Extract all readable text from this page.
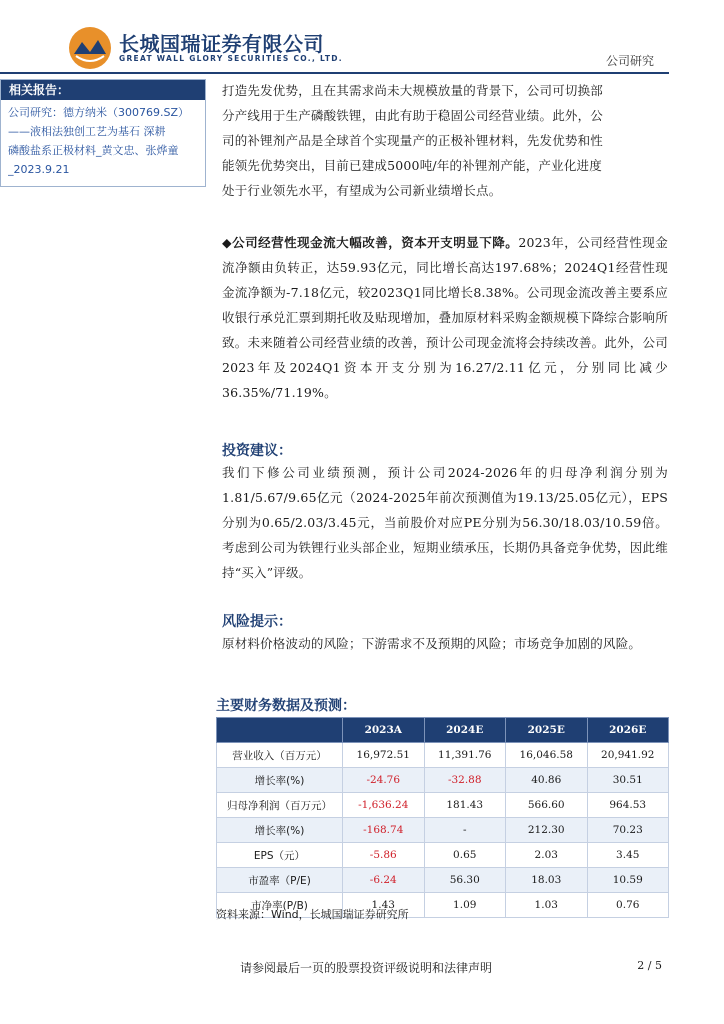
长城国瑞证券有限公司
GREAT WALL GLORY SECURITIES CO., LTD.	公司研究
相关报告：
公司研究：德方纳米（300769.SZ）
——液相法独创工艺为基石 深耕
磷酸盐系正极材料_黄文忠、张烨童
_2023.9.21
打造先发优势，且在其需求尚未大规模放量的背景下，公司可切换部
分产线用于生产磷酸铁锂，由此有助于稳固公司经营业绩。此外，公
司的补锂剂产品是全球首个实现量产的正极补锂材料，先发优势和性
能领先优势突出，目前已建成5000吨/年的补锂剂产能，产业化进度
处于行业领先水平，有望成为公司新业绩增长点。
◆公司经营性现金流大幅改善，资本开支明显下降。2023年，公司经营性现金流净额由负转正，达59.93亿元，同比增长高达197.68%；2024Q1经营性现金流净额为-7.18亿元，较2023Q1同比增长8.38%。公司现金流改善主要系应收银行承兑汇票到期托收及贴现增加，叠加原材料采购金额规模下降综合影响所致。未来随着公司经营业绩的改善，预计公司现金流将会持续改善。此外，公司2023年及2024Q1资本开支分别为16.27/2.11亿元，分别同比减少36.35%/71.19%。
投资建议：
我们下修公司业绩预测，预计公司2024-2026年的归母净利润分别为1.81/5.67/9.65亿元（2024-2025年前次预测值为19.13/25.05亿元），EPS分别为0.65/2.03/3.45元，当前股价对应PE分别为56.30/18.03/10.59倍。考虑到公司为铁锂行业头部企业，短期业绩承压，长期仍具备竞争优势，因此维持“买入”评级。
风险提示：
原材料价格波动的风险；下游需求不及预期的风险；市场竞争加剧的风险。
主要财务数据及预测：
	2023A	2024E	2025E	2026E
营业收入（百万元）	16,972.51	11,391.76	16,046.58	20,941.92
增长率(%)	-24.76	-32.88	40.86	30.51
归母净利润（百万元）	-1,636.24	181.43	566.60	964.53
增长率(%)	-168.74	-	212.30	70.23
EPS（元）	-5.86	0.65	2.03	3.45
市盈率（P/E)	-6.24	56.30	18.03	10.59
市净率(P/B)	1.43	1.09	1.03	0.76
资料来源：Wind，长城国瑞证券研究所
请参阅最后一页的股票投资评级说明和法律声明	2 / 5
